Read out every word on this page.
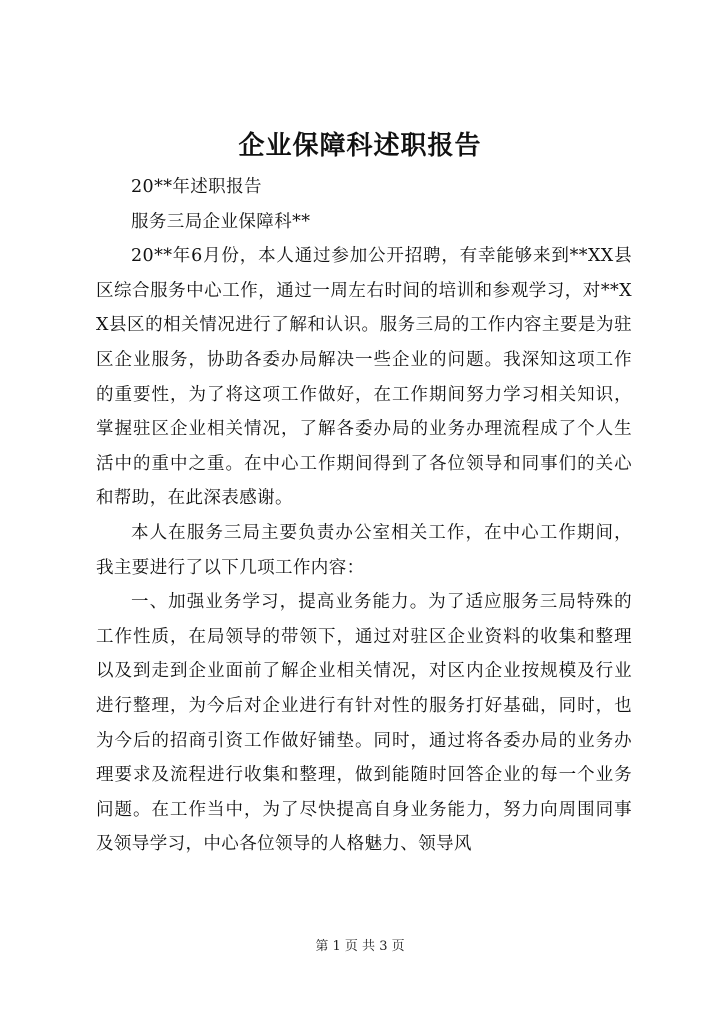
企业保障科述职报告

20**年述职报告

服务三局企业保障科**

20**年6月份，本人通过参加公开招聘，有幸能够来到**XX县区综合服务中心工作，通过一周左右时间的培训和参观学习，对**XX县区的相关情况进行了解和认识。服务三局的工作内容主要是为驻区企业服务，协助各委办局解决一些企业的问题。我深知这项工作的重要性，为了将这项工作做好，在工作期间努力学习相关知识，掌握驻区企业相关情况，了解各委办局的业务办理流程成了个人生活中的重中之重。在中心工作期间得到了各位领导和同事们的关心和帮助，在此深表感谢。

本人在服务三局主要负责办公室相关工作，在中心工作期间，我主要进行了以下几项工作内容：

一、加强业务学习，提高业务能力。为了适应服务三局特殊的工作性质，在局领导的带领下，通过对驻区企业资料的收集和整理以及到走到企业面前了解企业相关情况，对区内企业按规模及行业进行整理，为今后对企业进行有针对性的服务打好基础，同时，也为今后的招商引资工作做好铺垫。同时，通过将各委办局的业务办理要求及流程进行收集和整理，做到能随时回答企业的每一个业务问题。在工作当中，为了尽快提高自身业务能力，努力向周围同事及领导学习，中心各位领导的人格魅力、领导风

第 1 页 共 3 页
